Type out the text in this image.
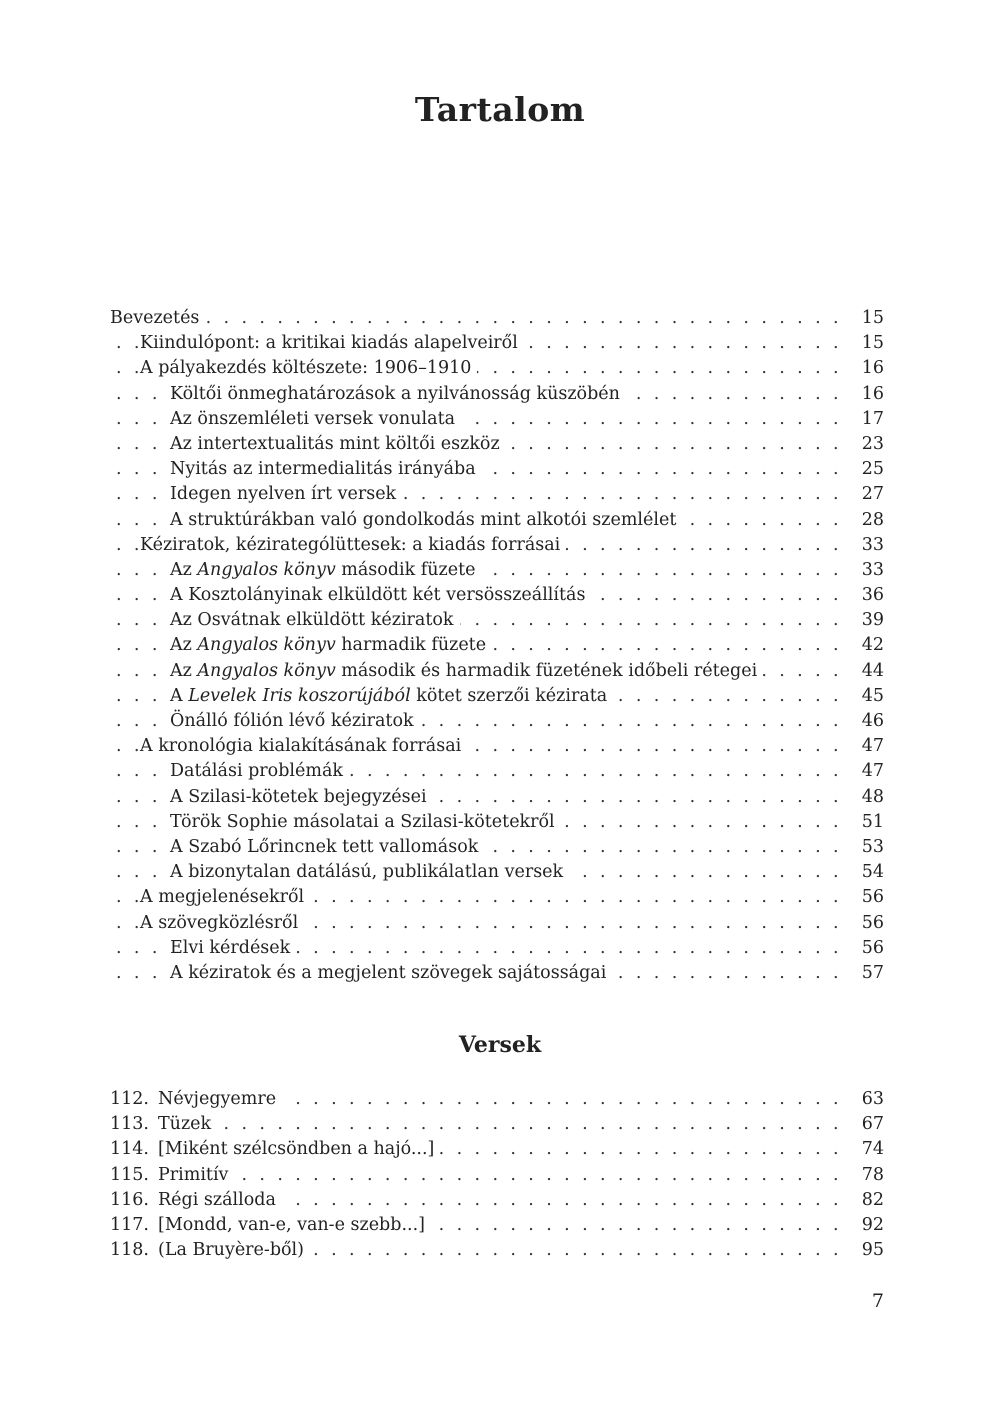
Tartalom
. . .
Bevezetés	15
. . .
Kiindulópont: a kritikai kiadás alapelveiről	15
. . .
A pályakezdés költészete: 1906–1910	16
. . .
Költői önmeghatározások a nyilvánosság küszöbén	16
. . .
Az önszemléleti versek vonulata	17
. . .
Az intertextualitás mint költői eszköz	23
. . .
Nyitás az intermedialitás irányába	25
. . .
Idegen nyelven írt versek	27
. . .
A struktúrákban való gondolkodás mint alkotói szemlélet	28
. . .
Kéziratok, kéziratególüttesek: a kiadás forrásai	33
. . .
Az Angyalos könyv második füzete	33
. . .
A Kosztolányinak elküldött két versösszeállítás	36
. . .
Az Osvátnak elküldött kéziratok	39
. . .
Az Angyalos könyv harmadik füzete	42
. . .
Az Angyalos könyv második és harmadik füzetének időbeli rétegei	44
. . .
A Levelek Iris koszorújából kötet szerzői kézirata	45
. . .
Önálló fólión lévő kéziratok	46
. . .
A kronológia kialakításának forrásai	47
. . .
Datálási problémák	47
. . .
A Szilasi-kötetek bejegyzései	48
. . .
Török Sophie másolatai a Szilasi-kötetekről	51
. . .
A Szabó Lőrincnek tett vallomások	53
. . .
A bizonytalan datálású, publikálatlan versek	54
. . .
A megjelenésekről	56
. . .
A szövegközlésről	56
. . .
Elvi kérdések	56
. . .
A kéziratok és a megjelent szövegek sajátosságai	57
Versek
. . .
112. Névjegyemre	63
. . .
113. Tüzek	67
. . .
114. [Miként szélcsöndben a hajó...]	74
. . .
115. Primitív	78
. . .
116. Régi szálloda	82
. . .
117. [Mondd, van-e, van-e szebb...]	92
. . .
118. (La Bruyère-ből)	95
7
